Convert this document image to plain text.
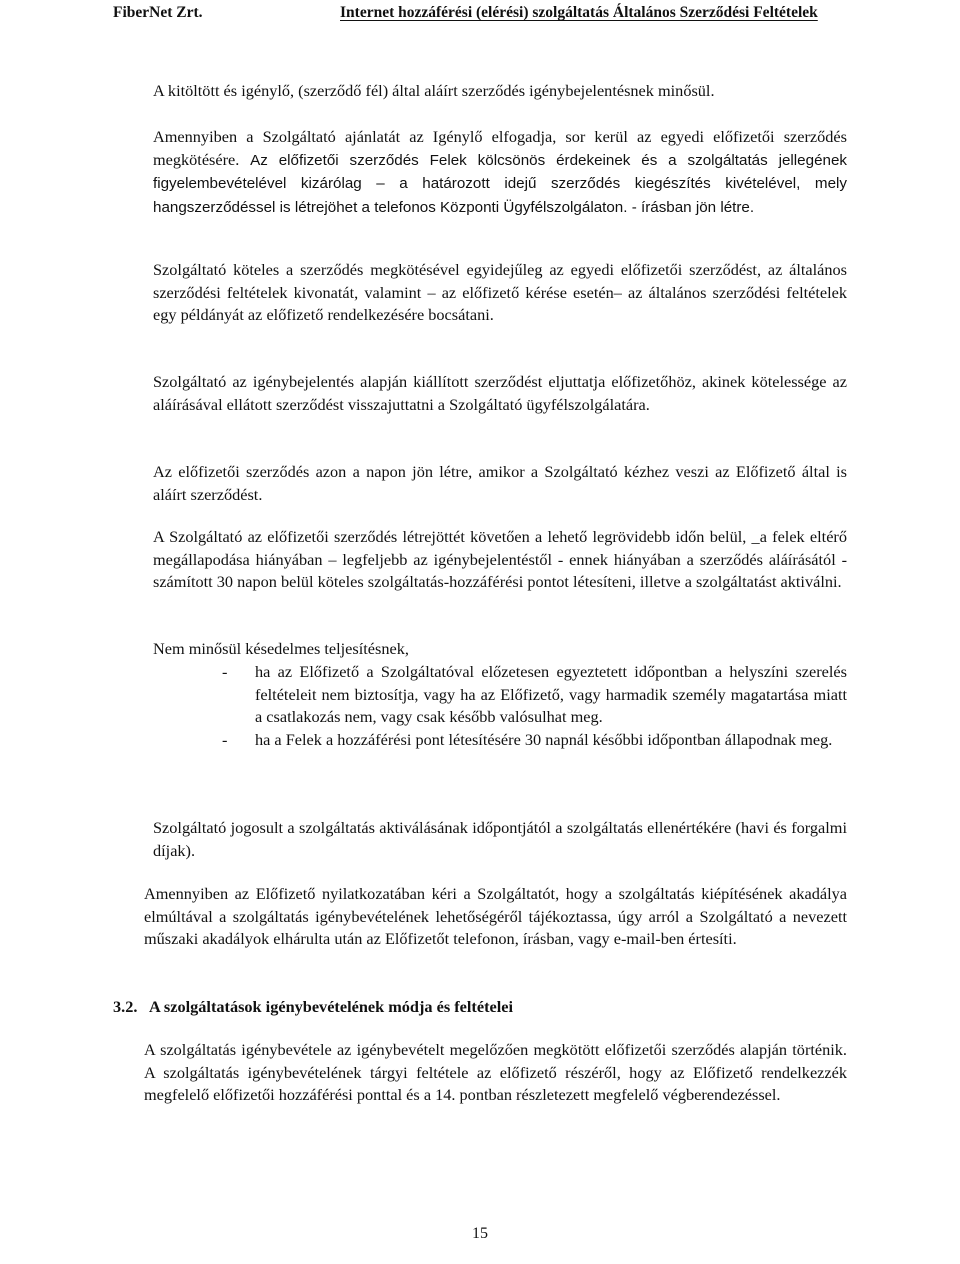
FiberNet Zrt.	Internet hozzáférési (elérési) szolgáltatás Általános Szerződési Feltételek

A kitöltött és igénylő, (szerződő fél) által aláírt szerződés igénybejelentésnek minősül.

Amennyiben a Szolgáltató ajánlatát az Igénylő elfogadja, sor kerül az egyedi előfizetői szerződés megkötésére. Az előfizetői szerződés Felek kölcsönös érdekeinek és a szolgáltatás jellegének figyelembevételével kizárólag – a határozott idejű szerződés kiegészítés kivételével, mely hangszerződéssel is létrejöhet a telefonos Központi Ügyfélszolgálaton. - írásban jön létre.

Szolgáltató köteles a szerződés megkötésével egyidejűleg az egyedi előfizetői szerződést, az általános szerződési feltételek kivonatát, valamint – az előfizető kérése esetén– az általános szerződési feltételek egy példányát az előfizető rendelkezésére bocsátani.

Szolgáltató az igénybejelentés alapján kiállított szerződést eljuttatja előfizetőhöz, akinek kötelessége az aláírásával ellátott szerződést visszajuttatni a Szolgáltató ügyfélszolgálatára.

Az előfizetői szerződés azon a napon jön létre, amikor a Szolgáltató kézhez veszi az Előfizető által is aláírt szerződést.

A Szolgáltató az előfizetői szerződés létrejöttét követően a lehető legrövidebb időn belül, _a felek eltérő megállapodása hiányában – legfeljebb az igénybejelentéstől - ennek hiányában a szerződés aláírásától - számított 30 napon belül köteles szolgáltatás-hozzáférési pontot létesíteni, illetve a szolgáltatást aktiválni.

Nem minősül késedelmes teljesítésnek,

- ha az Előfizető a Szolgáltatóval előzetesen egyeztetett időpontban a helyszíni szerelés feltételeit nem biztosítja, vagy ha az Előfizető, vagy harmadik személy magatartása miatt a csatlakozás nem, vagy csak később valósulhat meg.
- ha a Felek a hozzáférési pont létesítésére 30 napnál későbbi időpontban állapodnak meg.

Szolgáltató jogosult a szolgáltatás aktiválásának időpontjától a szolgáltatás ellenértékére (havi és forgalmi díjak).

Amennyiben az Előfizető nyilatkozatában kéri a Szolgáltatót, hogy a szolgáltatás kiépítésének akadálya elmúltával a szolgáltatás igénybevételének lehetőségéről tájékoztassa, úgy arról a Szolgáltató a nevezett műszaki akadályok elhárulta után az Előfizetőt telefonon, írásban, vagy e-mail-ben értesíti.

3.2. A szolgáltatások igénybevételének módja és feltételei

A szolgáltatás igénybevétele az igénybevételt megelőzően megkötött előfizetői szerződés alapján történik. A szolgáltatás igénybevételének tárgyi feltétele az előfizető részéről, hogy az Előfizető rendelkezzék megfelelő előfizetői hozzáférési ponttal és a 14. pontban részletezett megfelelő végberendezéssel.

15
